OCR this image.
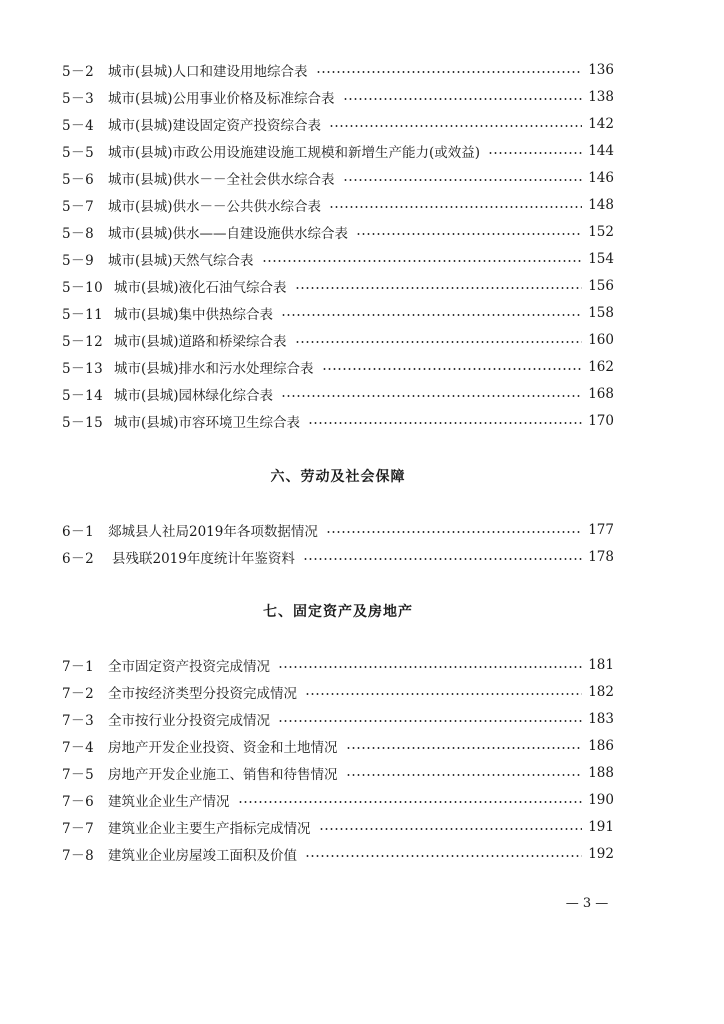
5－2	城市(县城)人口和建设用地综合表	136
5－3	城市(县城)公用事业价格及标准综合表	138
5－4	城市(县城)建设固定资产投资综合表	142
5－5	城市(县城)市政公用设施建设施工规模和新增生产能力(或效益)	144
5－6	城市(县城)供水－－全社会供水综合表	146
5－7	城市(县城)供水－－公共供水综合表	148
5－8	城市(县城)供水——自建设施供水综合表	152
5－9	城市(县城)天然气综合表	154
5－10 城市(县城)液化石油气综合表	156
5－11 城市(县城)集中供热综合表	158
5－12 城市(县城)道路和桥梁综合表	160
5－13 城市(县城)排水和污水处理综合表	162
5－14 城市(县城)园林绿化综合表	168
5－15 城市(县城)市容环境卫生综合表	170
六、劳动及社会保障
6－1	郯城县人社局2019年各项数据情况	177
6－2	县残联2019年度统计年鉴资料	178
七、固定资产及房地产
7－1	全市固定资产投资完成情况	181
7－2	全市按经济类型分投资完成情况	182
7－3	全市按行业分投资完成情况	183
7－4	房地产开发企业投资、资金和土地情况	186
7－5	房地产开发企业施工、销售和待售情况	188
7－6	建筑业企业生产情况	190
7－7	建筑业企业主要生产指标完成情况	191
7－8	建筑业企业房屋竣工面积及价值	192
— 3 —
